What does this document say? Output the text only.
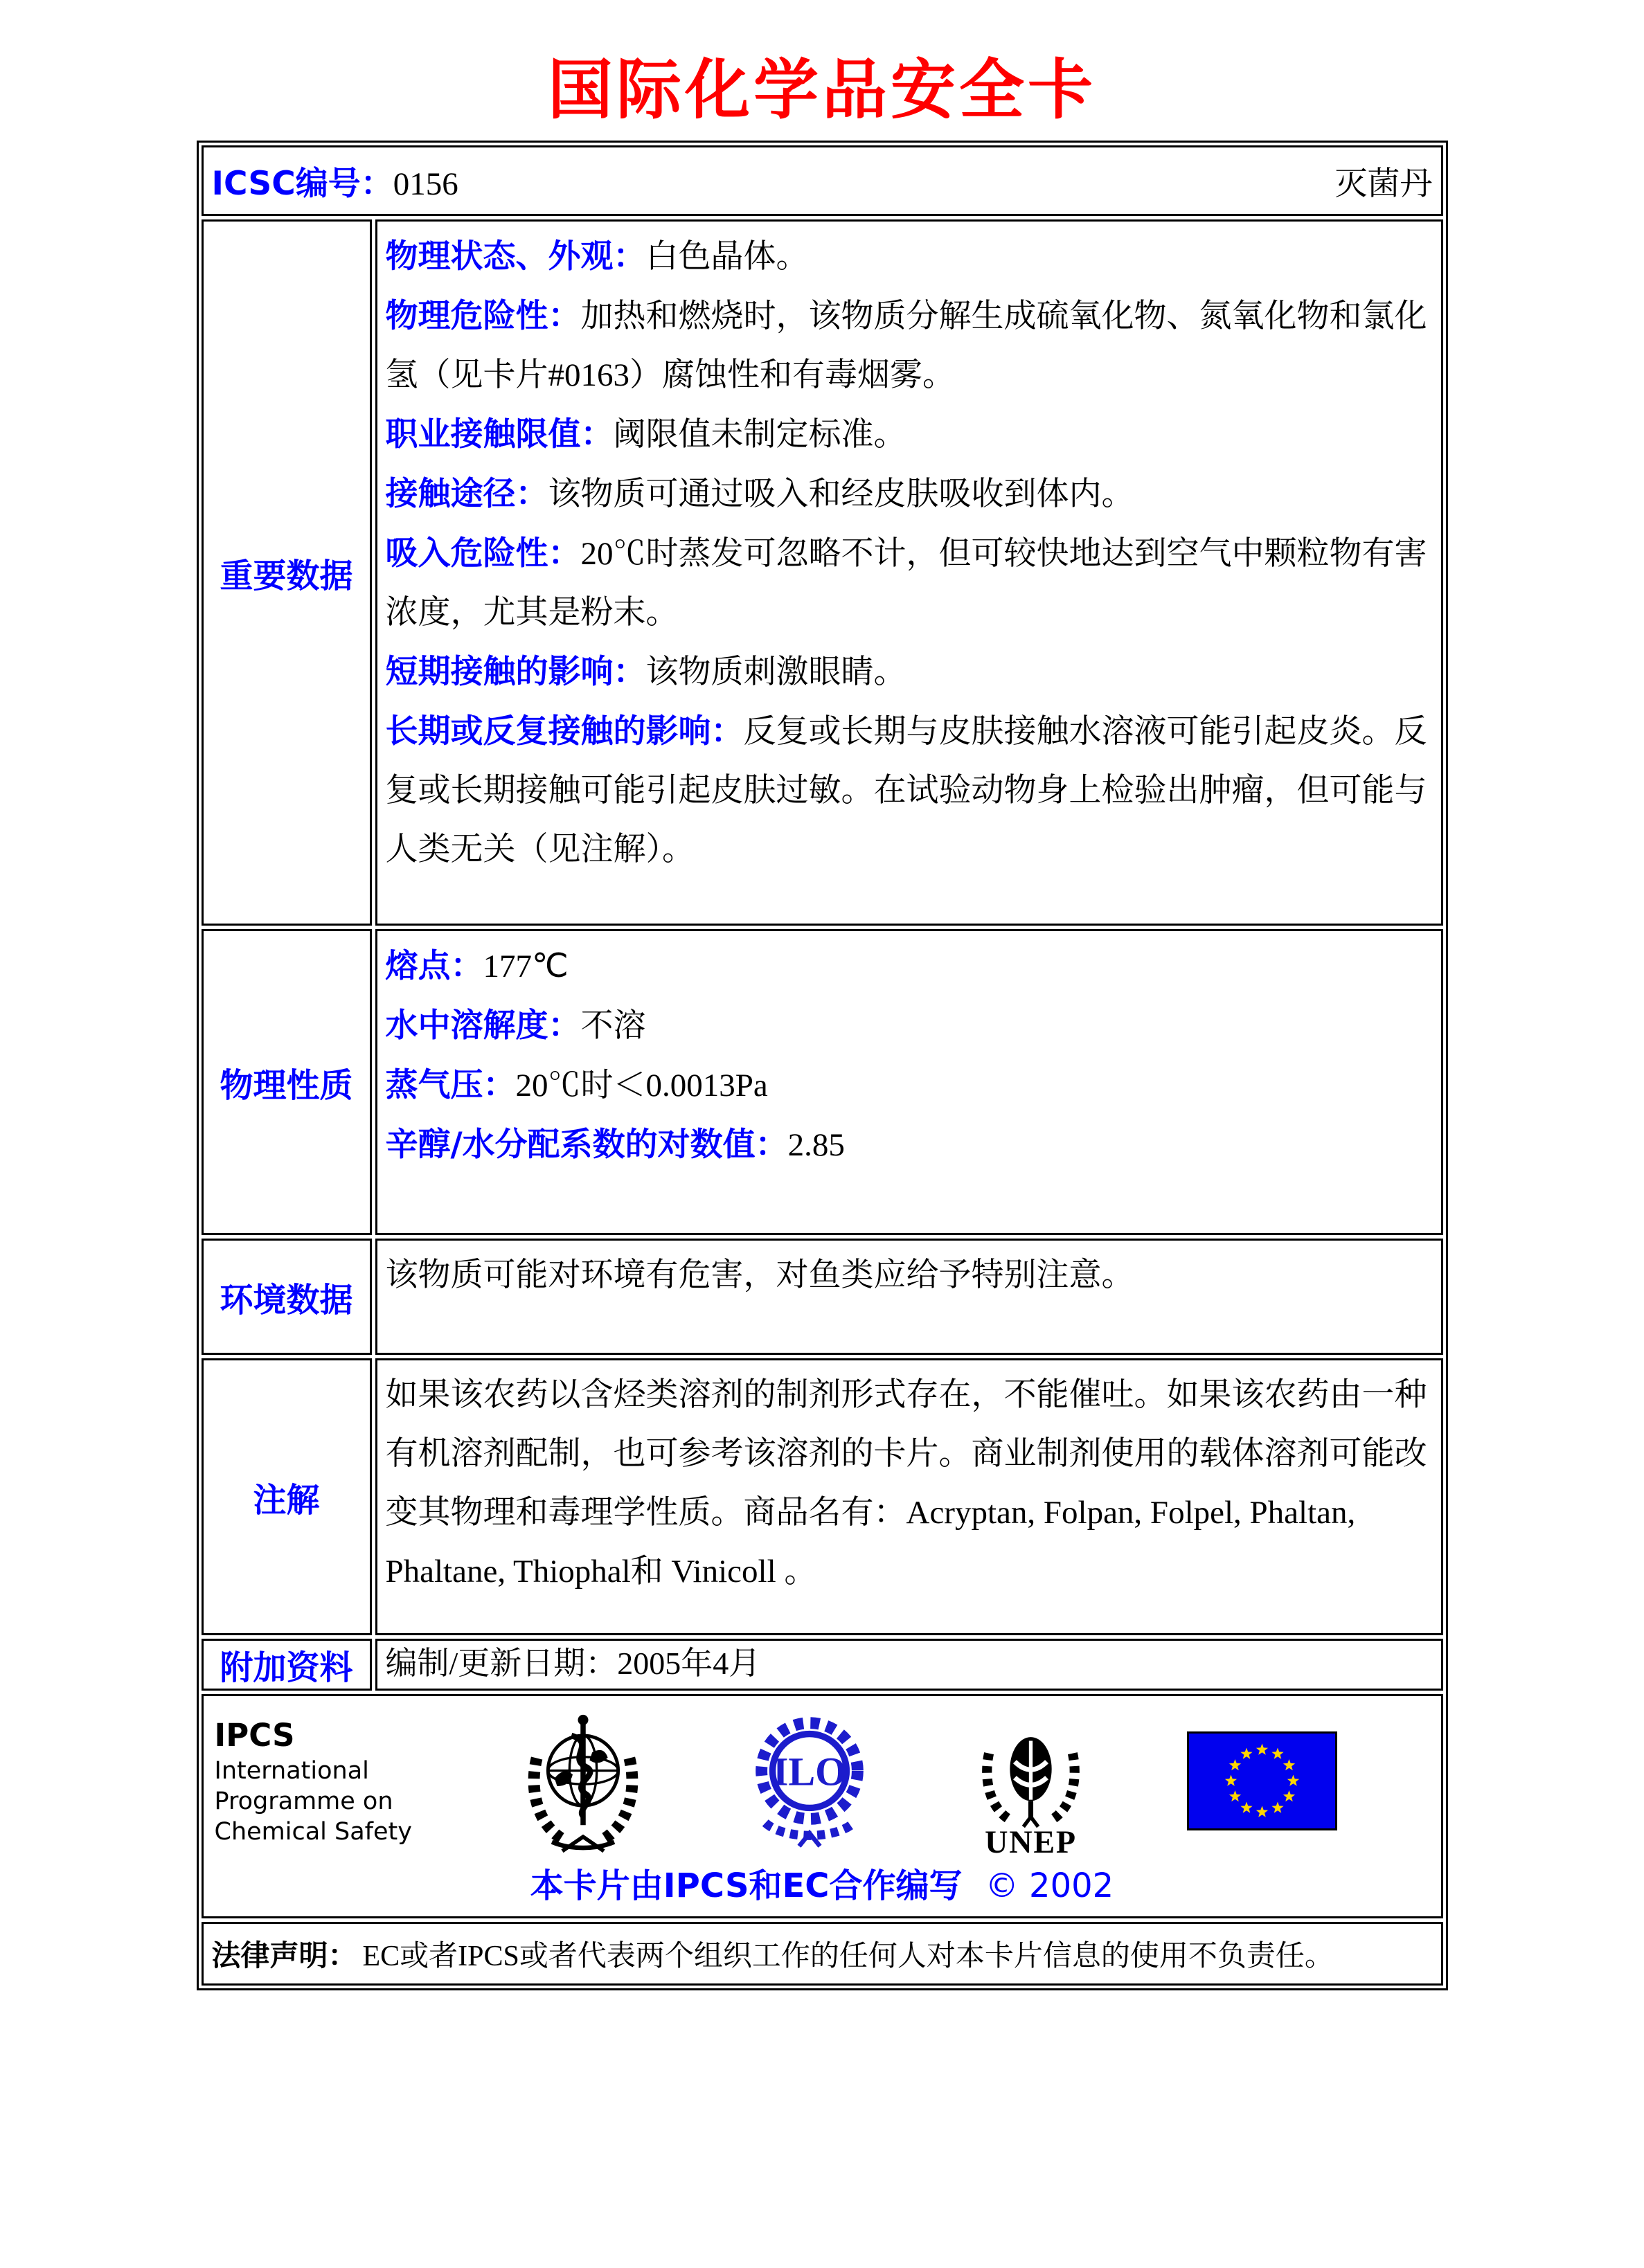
国际化学品安全卡
ICSC编号：0156	灭菌丹
重要数据
物理状态、外观：白色晶体。
物理危险性：加热和燃烧时，该物质分解生成硫氧化物、氮氧化物和氯化氢（见卡片#0163）腐蚀性和有毒烟雾。
职业接触限值：阈限值未制定标准。
接触途径：该物质可通过吸入和经皮肤吸收到体内。
吸入危险性：20℃时蒸发可忽略不计，但可较快地达到空气中颗粒物有害浓度，尤其是粉末。
短期接触的影响：该物质刺激眼睛。
长期或反复接触的影响：反复或长期与皮肤接触水溶液可能引起皮炎。反复或长期接触可能引起皮肤过敏。在试验动物身上检验出肿瘤，但可能与人类无关（见注解）。
物理性质
熔点：177℃
水中溶解度：不溶
蒸气压：20℃时＜0.0013Pa
辛醇/水分配系数的对数值：2.85
环境数据
该物质可能对环境有危害，对鱼类应给予特别注意。
注解
如果该农药以含烃类溶剂的制剂形式存在，不能催吐。如果该农药由一种有机溶剂配制，也可参考该溶剂的卡片。商业制剂使用的载体溶剂可能改变其物理和毒理学性质。商品名有：Acryptan, Folpan, Folpel, Phaltan, Phaltane, Thiophal和 Vinicoll 。
附加资料	编制/更新日期：2005年4月
IPCS
International
Programme on
Chemical Safety
ILO
UNEP
本卡片由IPCS和EC合作编写 © 2002
法律声明： EC或者IPCS或者代表两个组织工作的任何人对本卡片信息的使用不负责任。
